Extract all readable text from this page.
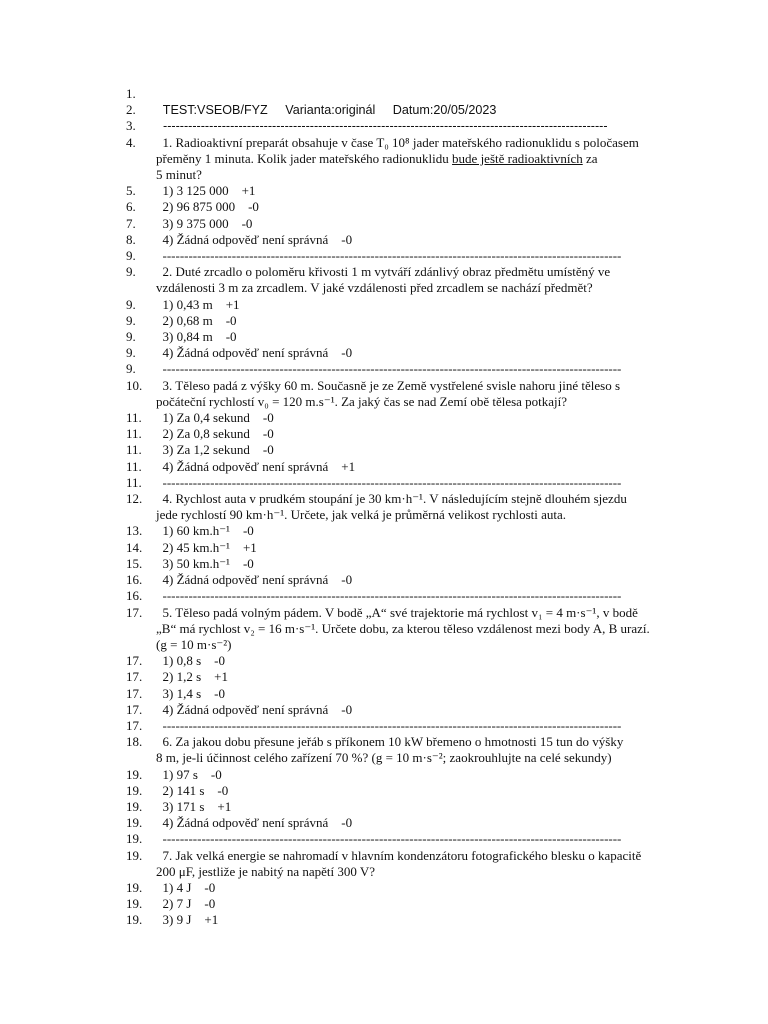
1.
2.	TEST:VSEOB/FYZ     Varianta:originál     Datum:20/05/2023
3.	----------------------------------------------------------------------------------------------------------
4.	1. Radioaktivní preparát obsahuje v čase T₀ 10⁸ jader mateřského radionuklidu s poločasem
přeměny 1 minuta. Kolik jader mateřského radionuklidu bude ještě radioaktivních za
5 minut?
5.	1) 3 125 000    +1
6.	2) 96 875 000    -0
7.	3) 9 375 000    -0
8.	4) Žádná odpověď není správná    -0
9.	----------------------------------------------------------------------------------------------------------
9.	2. Duté zrcadlo o poloměru křivosti 1 m vytváří zdánlivý obraz předmětu umístěný ve
vzdálenosti 3 m za zrcadlem. V jaké vzdálenosti před zrcadlem se nachází předmět?
9.	1) 0,43 m    +1
9.	2) 0,68 m    -0
9.	3) 0,84 m    -0
9.	4) Žádná odpověď není správná    -0
9.	----------------------------------------------------------------------------------------------------------
10.	3. Těleso padá z výšky 60 m. Současně je ze Země vystřelené svisle nahoru jiné těleso s
počáteční rychlostí v₀ = 120 m.s⁻¹. Za jaký čas se nad Zemí obě tělesa potkají?
11.	1) Za 0,4 sekund    -0
11.	2) Za 0,8 sekund    -0
11.	3) Za 1,2 sekund    -0
11.	4) Žádná odpověď není správná    +1
11.	----------------------------------------------------------------------------------------------------------
12.	4. Rychlost auta v prudkém stoupání je 30 km·h⁻¹. V následujícím stejně dlouhém sjezdu
jede rychlostí 90 km·h⁻¹. Určete, jak velká je průměrná velikost rychlosti auta.
13.	1) 60 km.h⁻¹    -0
14.	2) 45 km.h⁻¹    +1
15.	3) 50 km.h⁻¹    -0
16.	4) Žádná odpověď není správná    -0
16.	----------------------------------------------------------------------------------------------------------
17.	5. Těleso padá volným pádem. V bodě „A“ své trajektorie má rychlost v₁ = 4 m·s⁻¹, v bodě
„B“ má rychlost v₂ = 16 m·s⁻¹. Určete dobu, za kterou těleso vzdálenost mezi body A, B urazí.
(g = 10 m·s⁻²)
17.	1) 0,8 s    -0
17.	2) 1,2 s    +1
17.	3) 1,4 s    -0
17.	4) Žádná odpověď není správná    -0
17.	----------------------------------------------------------------------------------------------------------
18.	6. Za jakou dobu přesune jeřáb s příkonem 10 kW břemeno o hmotnosti 15 tun do výšky
8 m, je-li účinnost celého zařízení 70 %? (g = 10 m·s⁻²; zaokrouhlujte na celé sekundy)
19.	1) 97 s    -0
19.	2) 141 s    -0
19.	3) 171 s    +1
19.	4) Žádná odpověď není správná    -0
19.	----------------------------------------------------------------------------------------------------------
19.	7. Jak velká energie se nahromadí v hlavním kondenzátoru fotografického blesku o kapacitě
200 μF, jestliže je nabitý na napětí 300 V?
19.	1) 4 J    -0
19.	2) 7 J    -0
19.	3) 9 J    +1
